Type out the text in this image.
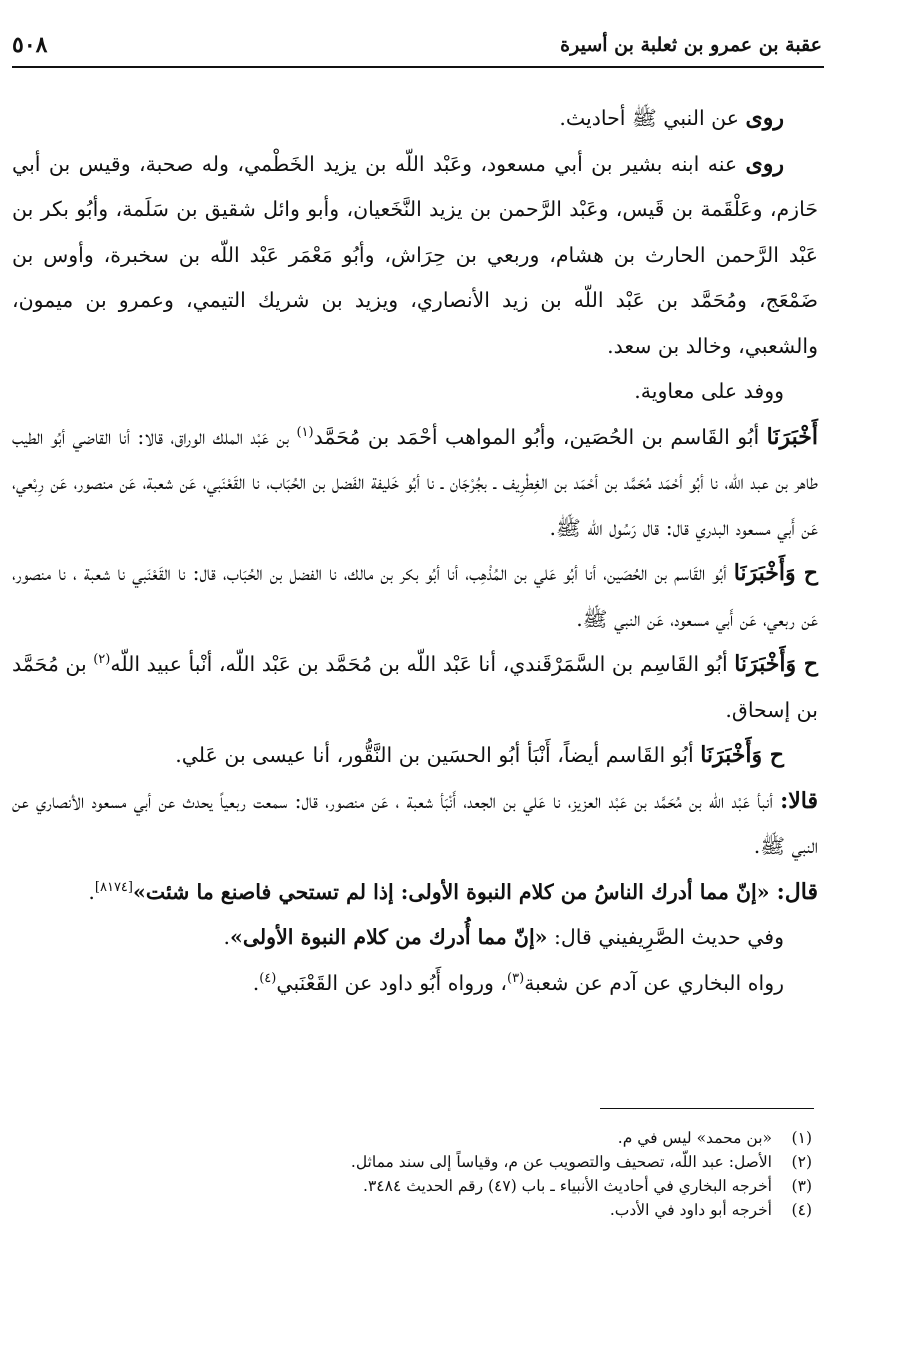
عقبة بن عمرو بن ثعلبة بن أسيرة
٥٠٨

روى عن النبي ﷺ أحاديث.

روى عنه ابنه بشير بن أبي مسعود، وعَبْد اللّه بن يزيد الخَطْمي، وله صحبة، وقيس بن أبي حَازم، وعَلْقَمة بن قَيس، وعَبْد الرَّحمن بن يزيد النَّخَعيان، وأبو وائل شقيق بن سَلَمة، وأبُو بكر بن عَبْد الرَّحمن الحارث بن هشام، وربعي بن حِرَاش، وأبُو مَعْمَر عَبْد اللّه بن سخبرة، وأوس بن ضَمْعَج، ومُحَمَّد بن عَبْد اللّه بن زيد الأنصاري، ويزيد بن شريك التيمي، وعمرو بن ميمون، والشعبي، وخالد بن سعد.

ووفد على معاوية.

أَخْبَرَنَا أبُو القَاسم بن الحُصَين، وأبُو المواهب أحْمَد بن مُحَمَّد$^{(١)}$ بن عَبْد الملك الوراق، قالا: أنا القاضي أبُو الطيب طاهر بن عبد اللّه، نا أبُو أحْمَد مُحَمَّد بن أحْمَد بن الغِطْرِيف ـ بجُرْجَان ـ نا أبُو خَليفة الفَضل بن الحُبَاب، نا القَعْنَبي، عَن شعبة، عَن منصور، عَن رِبْعي، عَن أَبي مسعود البدري قال: قال رَسُول اللّه ﷺ.

ح وَأَخْبَرَنَا أبُو القَاسم بن الحُصَين، أنا أبُو عَلي بن المُذْهِب، أنا أبُو بكر بن مالك، نا الفضل بن الحُبَاب، قال: نا القَعْنَبي نا شعبة ، نا منصور، عَن ربعي، عَن أَبي مسعود، عَن النبي ﷺ.

ح وَأَخْبَرَنَا أبُو القَاسِم بن السَّمَرْقَندي، أنا عَبْد اللّه بن مُحَمَّد بن عَبْد اللّه، أنْبأ عبيد اللّه$^{(٢)}$ بن مُحَمَّد بن إسحاق.

ح وَأَخْبَرَنَا أبُو القَاسم أيضاً، أَنْبَأ أبُو الحسَين بن النَّقُّور، أنا عيسى بن عَلي.

قالا: أنبأ عَبْد اللّه بن مُحَمَّد بن عَبْد العزيز، نا عَلي بن الجعد، أَنْبَأ شعبة ، عَن منصور، قال: سمعت ربعياً يحدث عن أبي مسعود الأنصاري عن النبي ﷺ.

قال: «إنّ مما أدرك الناسُ من كلام النبوة الأولى: إذا لم تستحي فاصنع ما شئت»[٨١٧٤].

وفي حديث الصَّرِيفيني قال: «إنّ مما أُدرك من كلام النبوة الأولى».

رواه البخاري عن آدم عن شعبة$^{(٣)}$، ورواه أَبُو داود عن القَعْنَبي$^{(٤)}$.

(١)
«بن محمد» ليس في م.
(٢)
الأصل: عبد اللّه، تصحيف والتصويب عن م، وقياساً إلى سند مماثل.
(٣)
أخرجه البخاري في أحاديث الأنبياء ـ باب (٤٧) رقم الحديث ٣٤٨٤.
(٤)
أخرجه أبو داود في الأدب.
